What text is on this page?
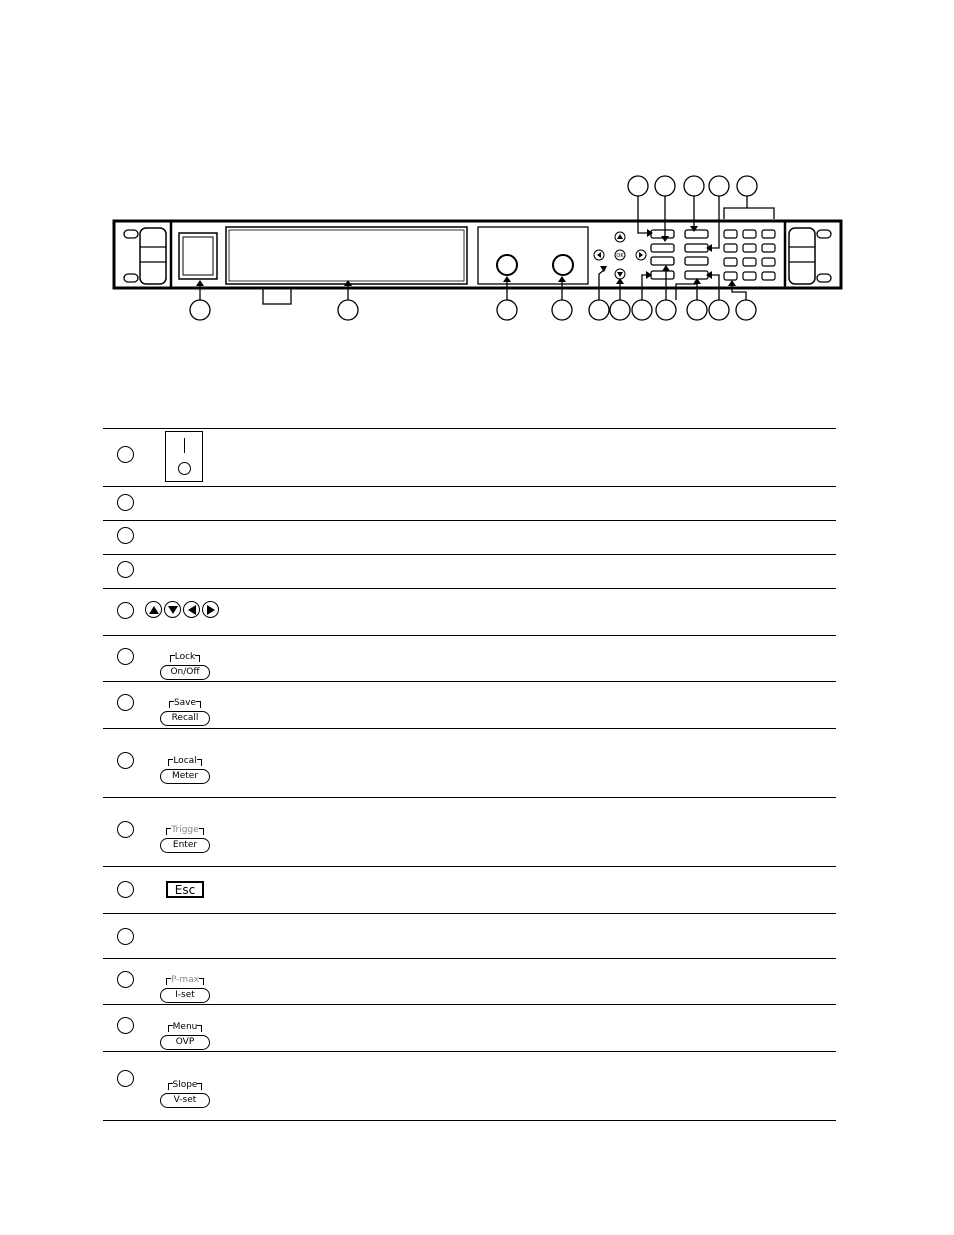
OK
Lock
On/Off
Save
Recall
Local
Meter
Trigge
Enter
Esc
P-max
I-set
Menu
OVP
Slope
V-set
